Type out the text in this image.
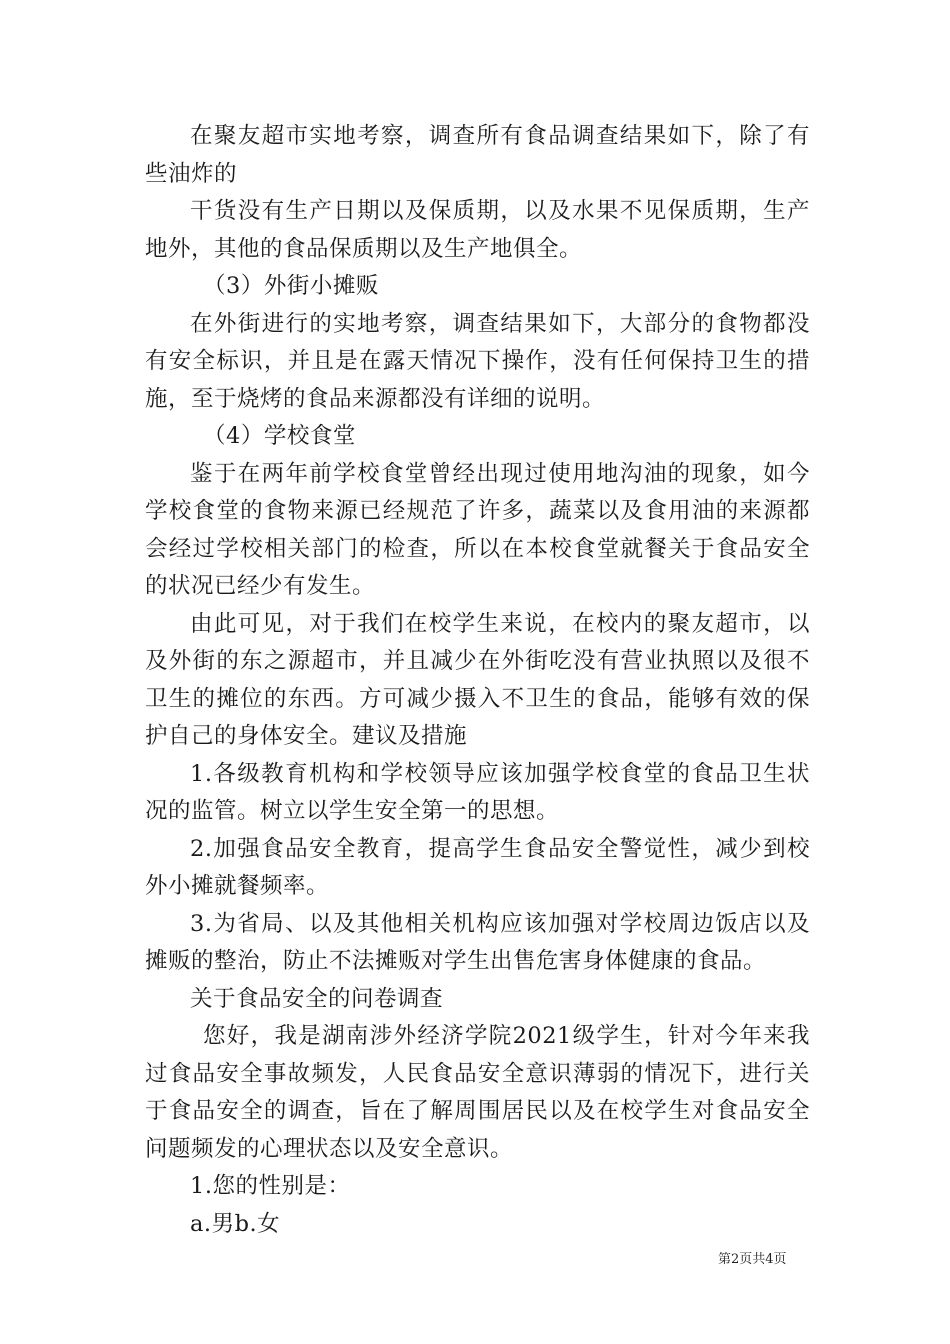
在聚友超市实地考察，调查所有食品调查结果如下，除了有些油炸的

干货没有生产日期以及保质期，以及水果不见保质期，生产地外，其他的食品保质期以及生产地俱全。

（3）外街小摊贩

在外街进行的实地考察，调查结果如下，大部分的食物都没有安全标识，并且是在露天情况下操作，没有任何保持卫生的措施，至于烧烤的食品来源都没有详细的说明。

（4）学校食堂

鉴于在两年前学校食堂曾经出现过使用地沟油的现象，如今学校食堂的食物来源已经规范了许多，蔬菜以及食用油的来源都会经过学校相关部门的检查，所以在本校食堂就餐关于食品安全的状况已经少有发生。

由此可见，对于我们在校学生来说，在校内的聚友超市，以及外街的东之源超市，并且减少在外街吃没有营业执照以及很不卫生的摊位的东西。方可减少摄入不卫生的食品，能够有效的保护自己的身体安全。建议及措施

1.各级教育机构和学校领导应该加强学校食堂的食品卫生状况的监管。树立以学生安全第一的思想。

2.加强食品安全教育，提高学生食品安全警觉性，减少到校外小摊就餐频率。

3.为省局、以及其他相关机构应该加强对学校周边饭店以及摊贩的整治，防止不法摊贩对学生出售危害身体健康的食品。

关于食品安全的问卷调查

您好，我是湖南涉外经济学院2021级学生，针对今年来我过食品安全事故频发，人民食品安全意识薄弱的情况下，进行关于食品安全的调查，旨在了解周围居民以及在校学生对食品安全问题频发的心理状态以及安全意识。

1.您的性别是：

a.男b.女

第2页共4页
